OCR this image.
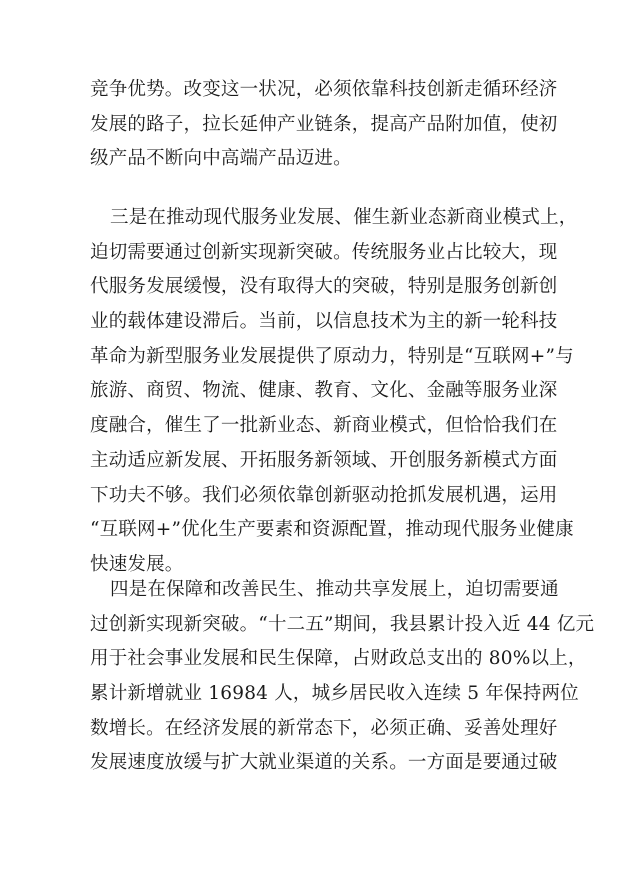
竞争优势。改变这一状况，必须依靠科技创新走循环经济
发展的路子，拉长延伸产业链条，提高产品附加值，使初
级产品不断向中高端产品迈进。
三是在推动现代服务业发展、催生新业态新商业模式上，
迫切需要通过创新实现新突破。传统服务业占比较大，现
代服务发展缓慢，没有取得大的突破，特别是服务创新创
业的载体建设滞后。当前，以信息技术为主的新一轮科技
革命为新型服务业发展提供了原动力，特别是“互联网+”与
旅游、商贸、物流、健康、教育、文化、金融等服务业深
度融合，催生了一批新业态、新商业模式，但恰恰我们在
主动适应新发展、开拓服务新领域、开创服务新模式方面
下功夫不够。我们必须依靠创新驱动抢抓发展机遇，运用
“互联网+”优化生产要素和资源配置，推动现代服务业健康
快速发展。
四是在保障和改善民生、推动共享发展上，迫切需要通
过创新实现新突破。“十二五”期间，我县累计投入近 44 亿元
用于社会事业发展和民生保障，占财政总支出的 80%以上，
累计新增就业 16984 人，城乡居民收入连续 5 年保持两位
数增长。在经济发展的新常态下，必须正确、妥善处理好
发展速度放缓与扩大就业渠道的关系。一方面是要通过破
